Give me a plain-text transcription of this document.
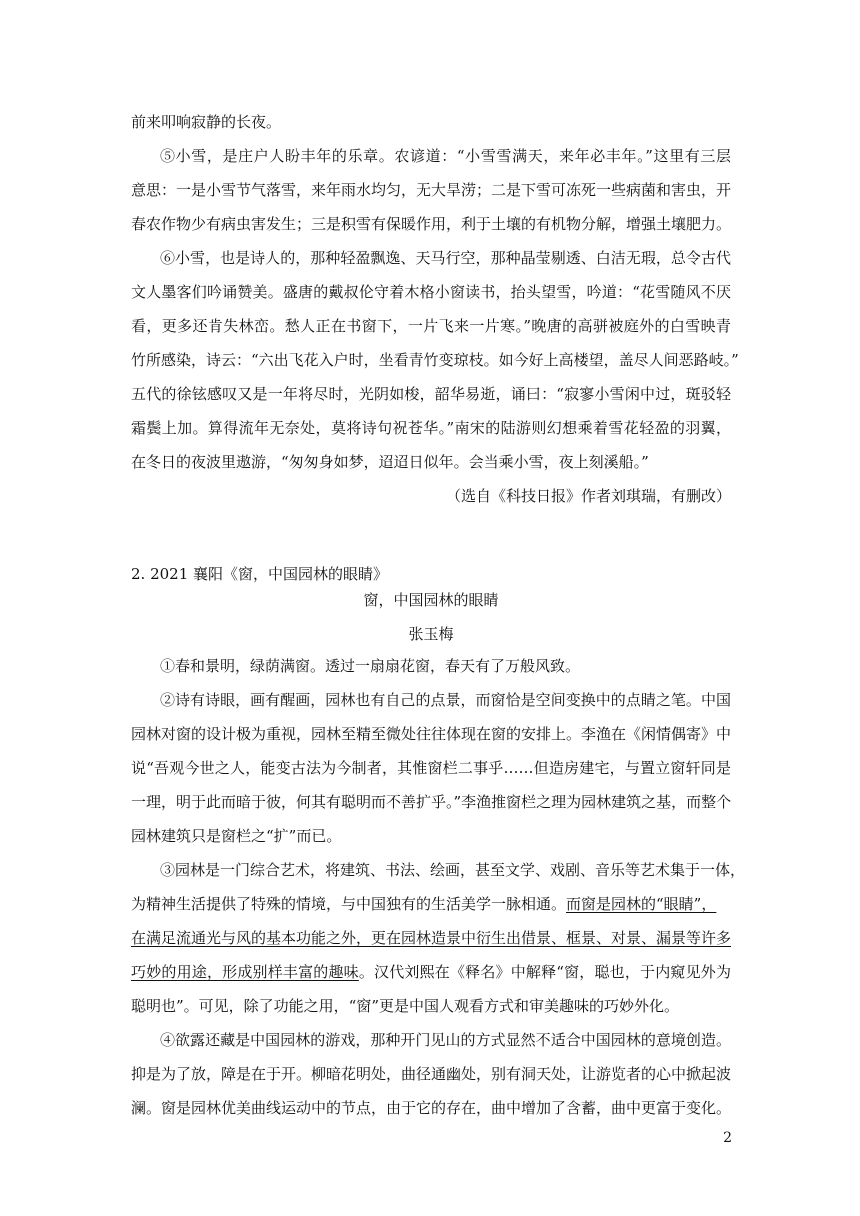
前来叩响寂静的长夜。
⑤小雪，是庄户人盼丰年的乐章。农谚道：“小雪雪满天，来年必丰年。”这里有三层
意思：一是小雪节气落雪，来年雨水均匀，无大旱涝；二是下雪可冻死一些病菌和害虫，开
春农作物少有病虫害发生；三是积雪有保暖作用，利于土壤的有机物分解，增强土壤肥力。
⑥小雪，也是诗人的，那种轻盈飘逸、天马行空，那种晶莹剔透、白洁无瑕，总令古代
文人墨客们吟诵赞美。盛唐的戴叔伦守着木格小窗读书，抬头望雪，吟道：“花雪随风不厌
看，更多还肯失林峦。愁人正在书窗下，一片飞来一片寒。”晚唐的高骈被庭外的白雪映青
竹所感染，诗云：“六出飞花入户时，坐看青竹变琼枝。如今好上高楼望，盖尽人间恶路岐。”
五代的徐铉感叹又是一年将尽时，光阴如梭，韶华易逝，诵曰：“寂寥小雪闲中过，斑驳轻
霜鬓上加。算得流年无奈处，莫将诗句祝苍华。”南宋的陆游则幻想乘着雪花轻盈的羽翼，
在冬日的夜波里遨游，“匆匆身如梦，迢迢日似年。会当乘小雪，夜上刻溪船。”
（选自《科技日报》作者刘琪瑞，有删改）
2. 2021 襄阳《窗，中国园林的眼睛》
窗，中国园林的眼睛
张玉梅
①春和景明，绿荫满窗。透过一扇扇花窗，春天有了万般风致。
②诗有诗眼，画有醒画，园林也有自己的点景，而窗恰是空间变换中的点睛之笔。中国
园林对窗的设计极为重视，园林至精至微处往往体现在窗的安排上。李渔在《闲情偶寄》中
说“吾观今世之人，能变古法为今制者，其惟窗栏二事乎……但造房建宅，与置立窗轩同是
一理，明于此而暗于彼，何其有聪明而不善扩乎。”李渔推窗栏之理为园林建筑之基，而整个
园林建筑只是窗栏之“扩”而已。
③园林是一门综合艺术，将建筑、书法、绘画，甚至文学、戏剧、音乐等艺术集于一体，
为精神生活提供了特殊的情境，与中国独有的生活美学一脉相通。而窗是园林的“眼睛”，
在满足流通光与风的基本功能之外，更在园林造景中衍生出借景、框景、对景、漏景等许多
巧妙的用途，形成别样丰富的趣味。汉代刘熙在《释名》中解释“窗，聪也，于内窥见外为
聪明也”。可见，除了功能之用，“窗”更是中国人观看方式和审美趣味的巧妙外化。
④欲露还藏是中国园林的游戏，那种开门见山的方式显然不适合中国园林的意境创造。
抑是为了放，障是在于开。柳暗花明处，曲径通幽处，别有洞天处，让游览者的心中掀起波
澜。窗是园林优美曲线运动中的节点，由于它的存在，曲中增加了含蓄，曲中更富于变化。
2
